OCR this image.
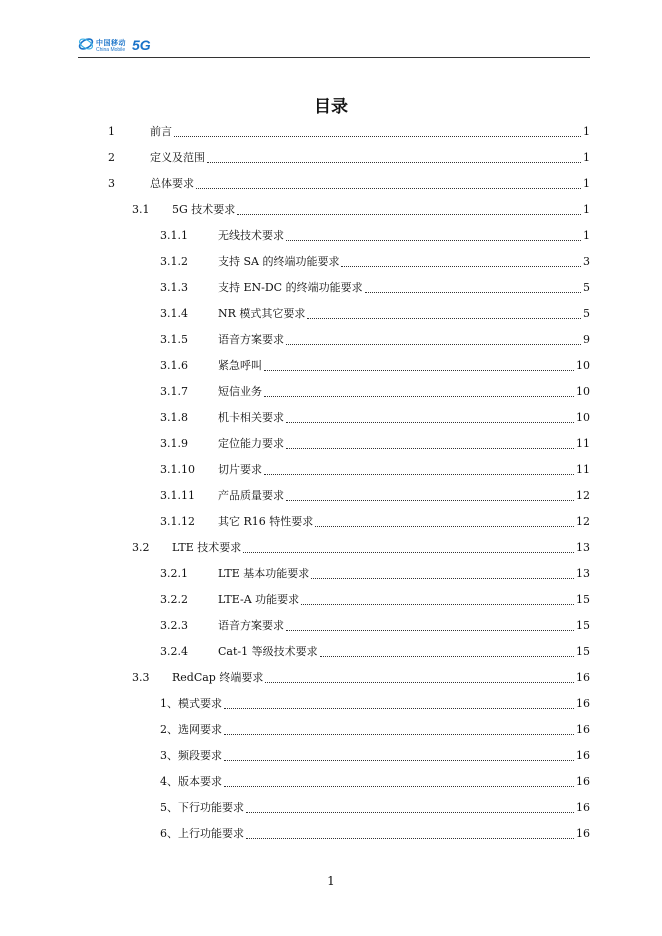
中国移动
China Mobile 5G
目录
1	前言	1
2	定义及范围	1
3	总体要求	1
3.1	5G 技术要求	1
3.1.1	无线技术要求	1
3.1.2	支持 SA 的终端功能要求	3
3.1.3	支持 EN-DC 的终端功能要求	5
3.1.4	NR 模式其它要求	5
3.1.5	语音方案要求	9
3.1.6	紧急呼叫	10
3.1.7	短信业务	10
3.1.8	机卡相关要求	10
3.1.9	定位能力要求	11
3.1.10	切片要求	11
3.1.11	产品质量要求	12
3.1.12	其它 R16 特性要求	12
3.2	LTE 技术要求	13
3.2.1	LTE 基本功能要求	13
3.2.2	LTE-A 功能要求	15
3.2.3	语音方案要求	15
3.2.4	Cat-1 等级技术要求	15
3.3	RedCap 终端要求	16
1、模式要求	16
2、选网要求	16
3、频段要求	16
4、版本要求	16
5、下行功能要求	16
6、上行功能要求	16
1
